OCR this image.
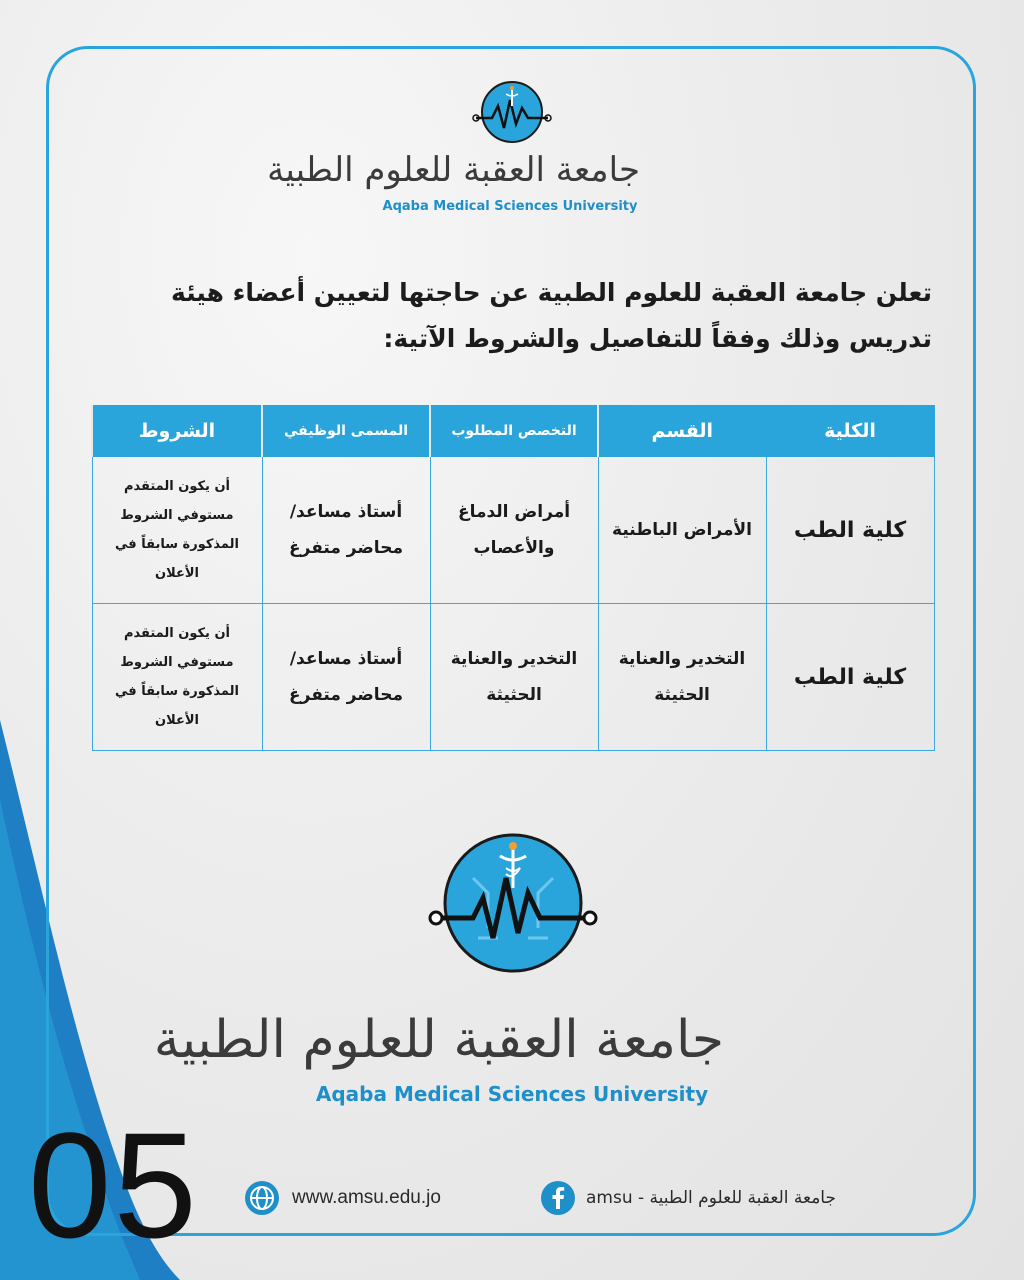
جامعة العقبة للعلوم الطبية
Aqaba Medical Sciences University
تعلن جامعة العقبة للعلوم الطبية عن حاجتها لتعيين أعضاء هيئة تدريس وذلك وفقاً للتفاصيل والشروط الآتية:
الكلية	القسم	التخصص المطلوب	المسمى الوظيفي	الشروط
كلية الطب	الأمراض الباطنية	أمراض الدماغ والأعصاب	أستاذ مساعد/ محاضر متفرغ	أن يكون المتقدم مستوفي الشروط المذكورة سابقاً في الأعلان
كلية الطب	التخدير والعناية الحثيثة	التخدير والعناية الحثيثة	أستاذ مساعد/ محاضر متفرغ	أن يكون المتقدم مستوفي الشروط المذكورة سابقاً في الأعلان
جامعة العقبة للعلوم الطبية
Aqaba Medical Sciences University
05	www.amsu.edu.jo	جامعة العقبة للعلوم الطبية - amsu
